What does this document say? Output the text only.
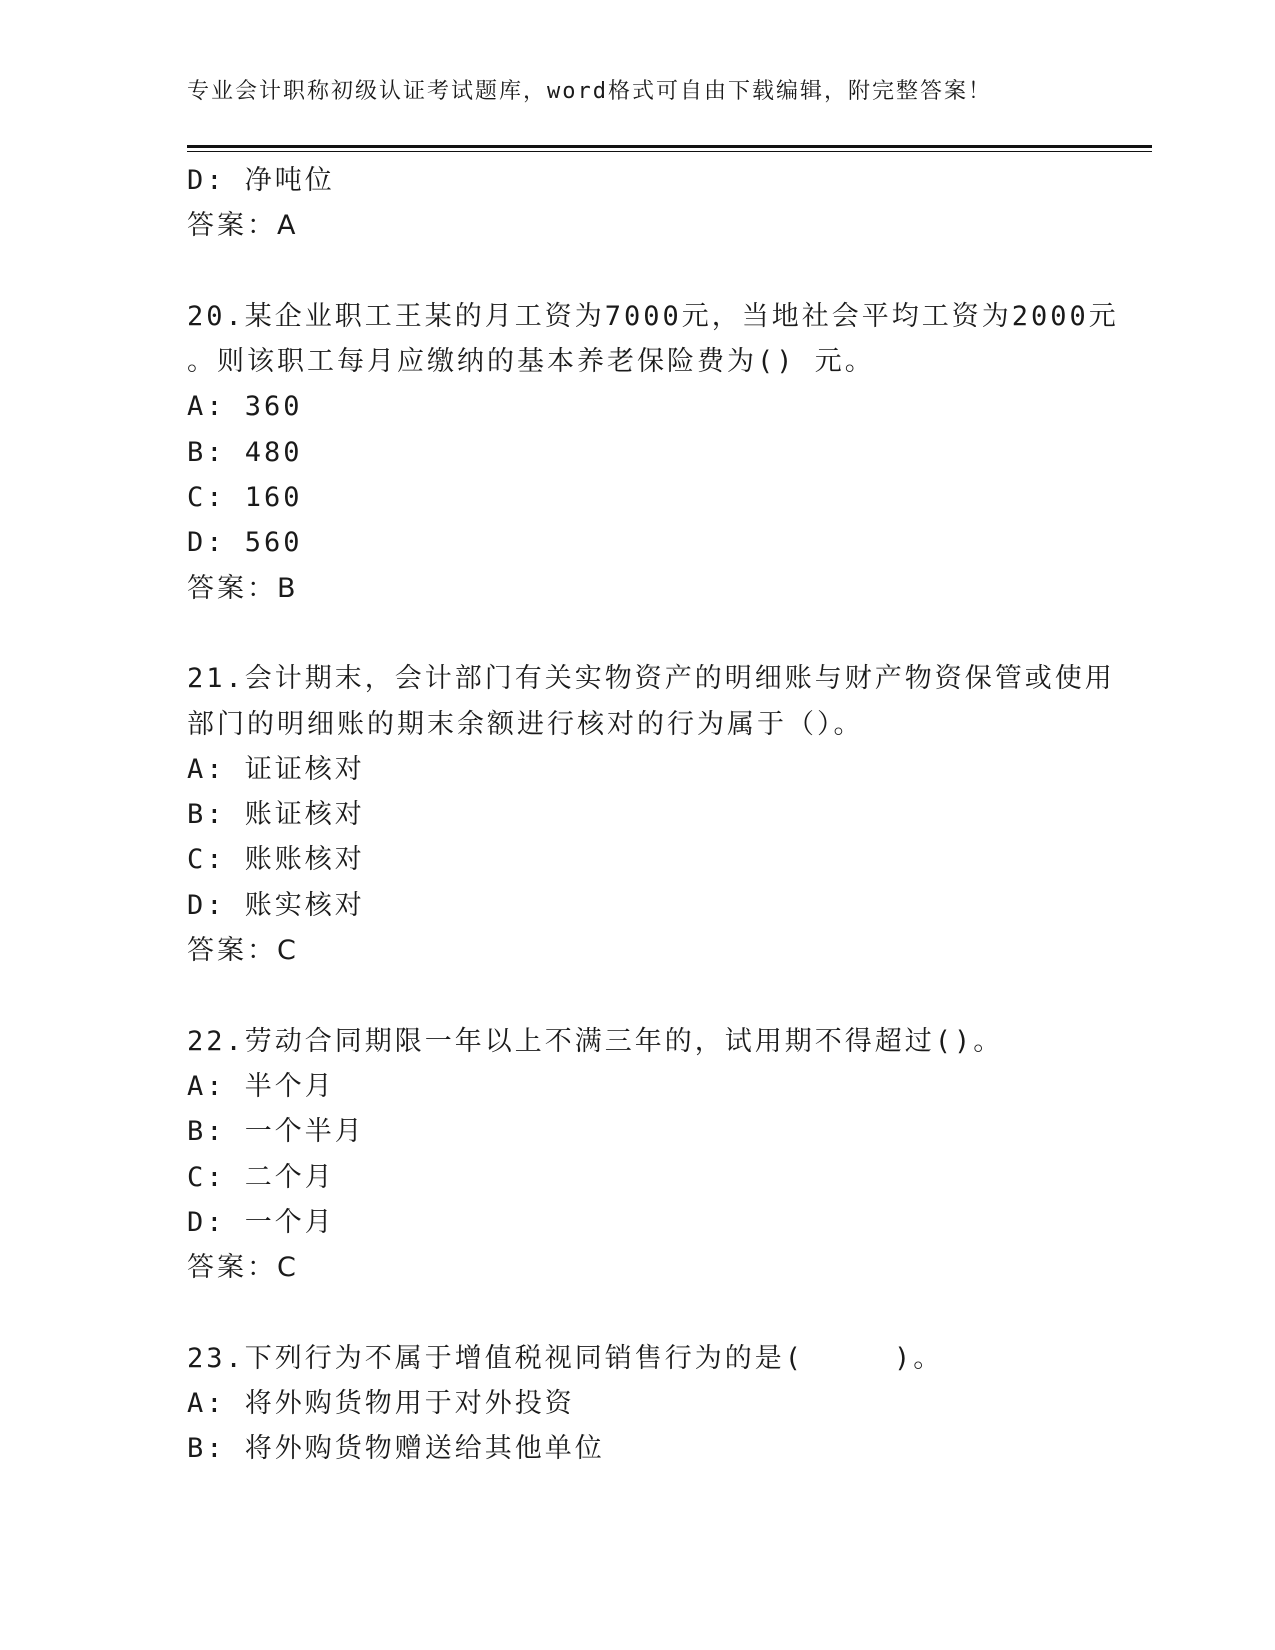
专业会计职称初级认证考试题库，word格式可自由下载编辑，附完整答案！
D: 净吨位
答案：A
20.某企业职工王某的月工资为7000元，当地社会平均工资为2000元
。则该职工每月应缴纳的基本养老保险费为() 元。
A: 360
B: 480
C: 160
D: 560
答案：B
21.会计期末，会计部门有关实物资产的明细账与财产物资保管或使用
部门的明细账的期末余额进行核对的行为属于（）。
A: 证证核对
B: 账证核对
C: 账账核对
D: 账实核对
答案：C
22.劳动合同期限一年以上不满三年的，试用期不得超过()。
A: 半个月
B: 一个半月
C: 二个月
D: 一个月
答案：C
23.下列行为不属于增值税视同销售行为的是(　　　)。
A: 将外购货物用于对外投资
B: 将外购货物赠送给其他单位
